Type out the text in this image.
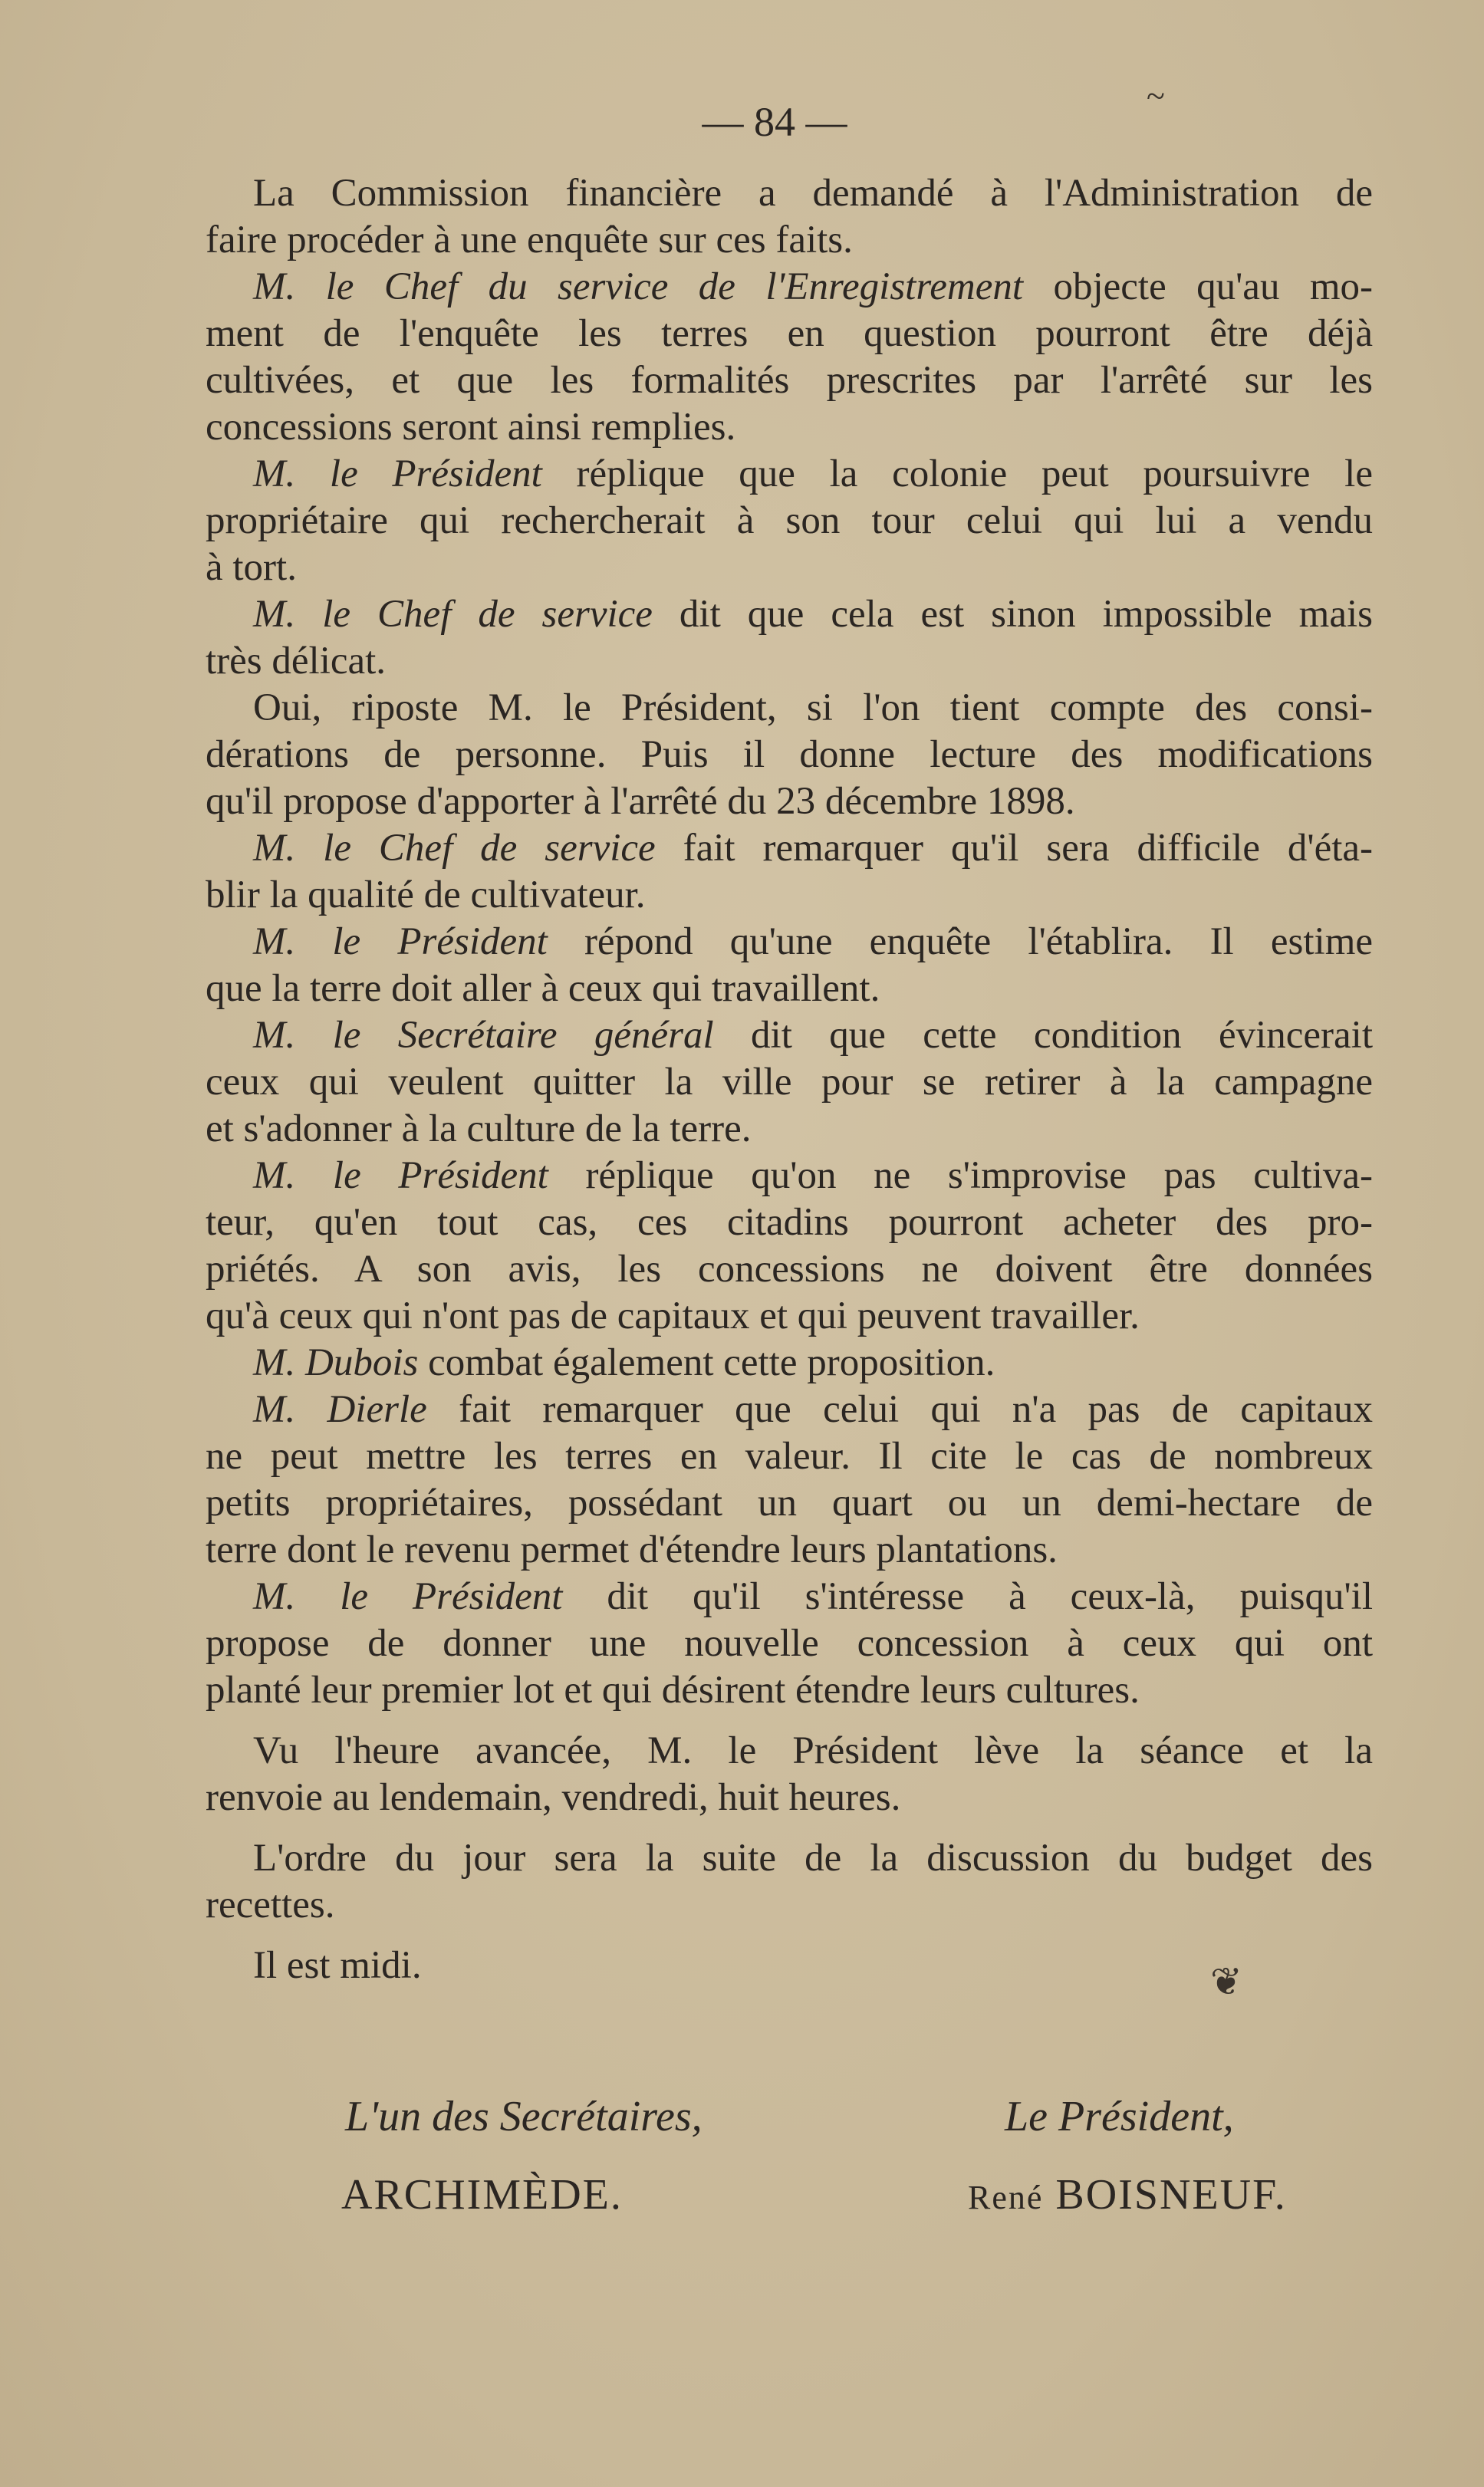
~
— 84 —
La Commission financière a demandé à l'Administration de
faire procéder à une enquête sur ces faits.
M. le Chef du service de l'Enregistrement objecte qu'au mo-
ment de l'enquête les terres en question pourront être déjà
cultivées, et que les formalités prescrites par l'arrêté sur les
concessions seront ainsi remplies.
M. le Président réplique que la colonie peut poursuivre le
propriétaire qui rechercherait à son tour celui qui lui a vendu
à tort.
M. le Chef de service dit que cela est sinon impossible mais
très délicat.
Oui, riposte M. le Président, si l'on tient compte des consi-
dérations de personne. Puis il donne lecture des modifications
qu'il propose d'apporter à l'arrêté du 23 décembre 1898.
M. le Chef de service fait remarquer qu'il sera difficile d'éta-
blir la qualité de cultivateur.
M. le Président répond qu'une enquête l'établira. Il estime
que la terre doit aller à ceux qui travaillent.
M. le Secrétaire général dit que cette condition évincerait
ceux qui veulent quitter la ville pour se retirer à la campagne
et s'adonner à la culture de la terre.
M. le Président réplique qu'on ne s'improvise pas cultiva-
teur, qu'en tout cas, ces citadins pourront acheter des pro-
priétés. A son avis, les concessions ne doivent être données
qu'à ceux qui n'ont pas de capitaux et qui peuvent travailler.
M. Dubois combat également cette proposition.
M. Dierle fait remarquer que celui qui n'a pas de capitaux
ne peut mettre les terres en valeur. Il cite le cas de nombreux
petits propriétaires, possédant un quart ou un demi-hectare de
terre dont le revenu permet d'étendre leurs plantations.
M. le Président dit qu'il s'intéresse à ceux-là, puisqu'il
propose de donner une nouvelle concession à ceux qui ont
planté leur premier lot et qui désirent étendre leurs cultures.
Vu l'heure avancée, M. le Président lève la séance et la
renvoie au lendemain, vendredi, huit heures.
L'ordre du jour sera la suite de la discussion du budget des
recettes.
Il est midi.	❦
L'un des Secrétaires,
ARCHIMÈDE.
Le Président,
René BOISNEUF.
